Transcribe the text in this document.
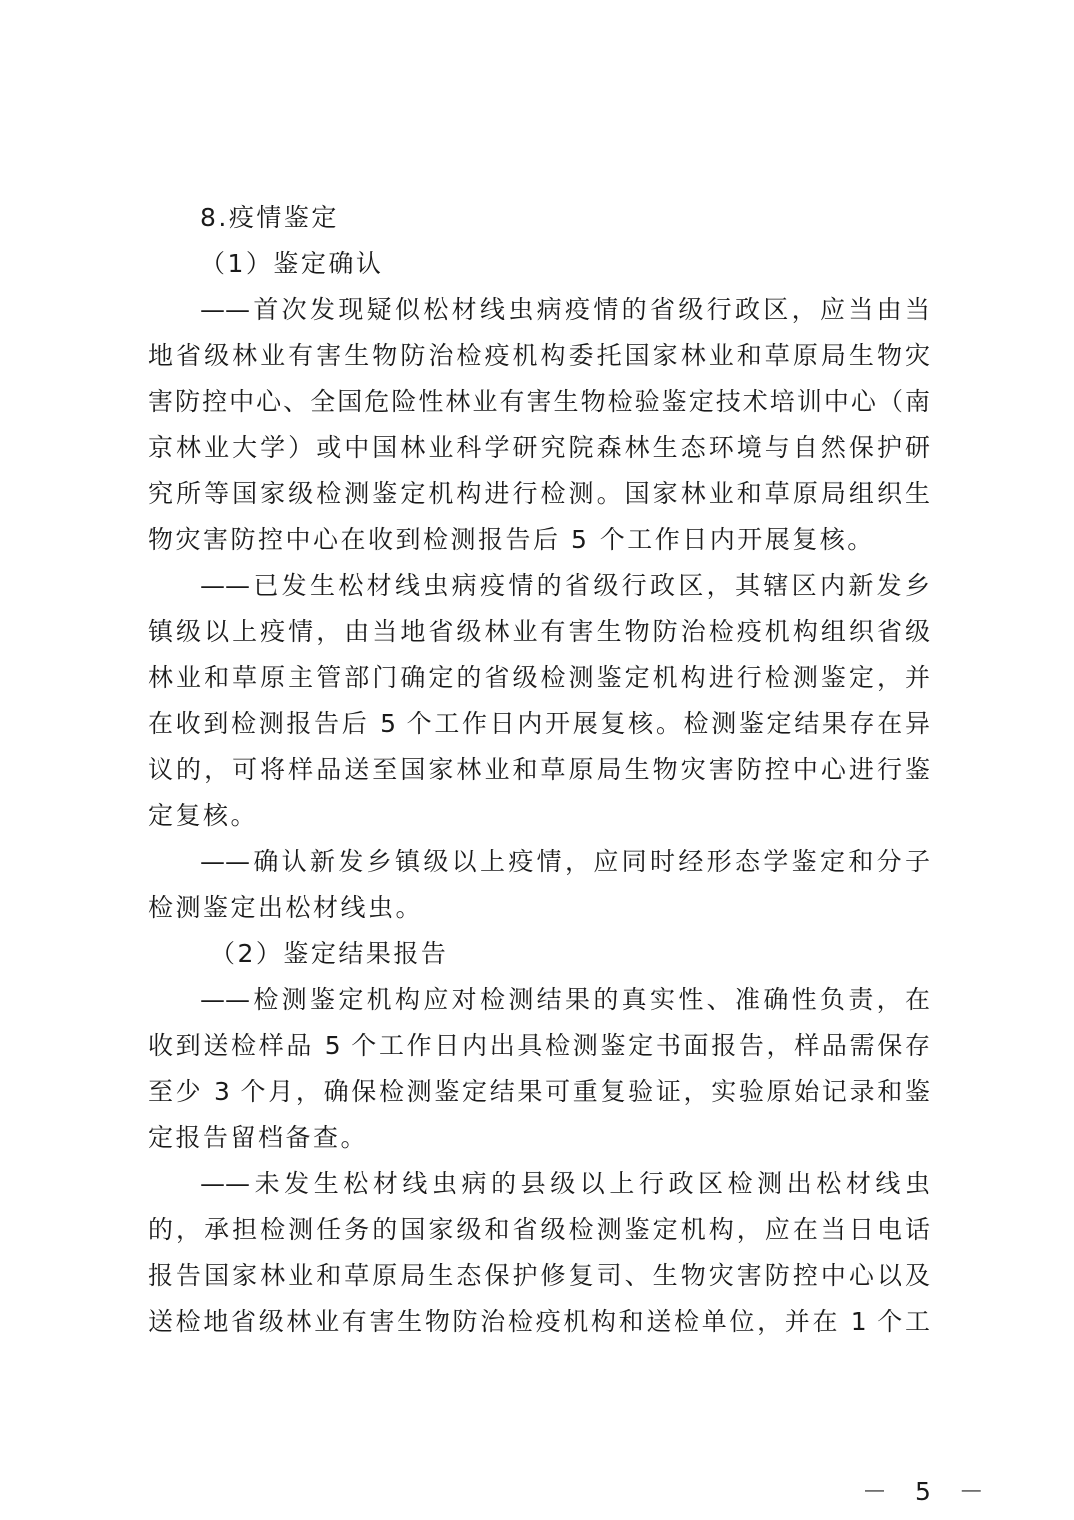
8.疫情鉴定
（1）鉴定确认
——首次发现疑似松材线虫病疫情的省级行政区，应当由当
地省级林业有害生物防治检疫机构委托国家林业和草原局生物灾
害防控中心、全国危险性林业有害生物检验鉴定技术培训中心（南
京林业大学）或中国林业科学研究院森林生态环境与自然保护研
究所等国家级检测鉴定机构进行检测。国家林业和草原局组织生
物灾害防控中心在收到检测报告后 5 个工作日内开展复核。
——已发生松材线虫病疫情的省级行政区，其辖区内新发乡
镇级以上疫情，由当地省级林业有害生物防治检疫机构组织省级
林业和草原主管部门确定的省级检测鉴定机构进行检测鉴定，并
在收到检测报告后 5 个工作日内开展复核。检测鉴定结果存在异
议的，可将样品送至国家林业和草原局生物灾害防控中心进行鉴
定复核。
——确认新发乡镇级以上疫情，应同时经形态学鉴定和分子
检测鉴定出松材线虫。
（2）鉴定结果报告
——检测鉴定机构应对检测结果的真实性、准确性负责，在
收到送检样品 5 个工作日内出具检测鉴定书面报告，样品需保存
至少 3 个月，确保检测鉴定结果可重复验证，实验原始记录和鉴
定报告留档备查。
——未发生松材线虫病的县级以上行政区检测出松材线虫
的，承担检测任务的国家级和省级检测鉴定机构，应在当日电话
报告国家林业和草原局生态保护修复司、生物灾害防控中心以及
送检地省级林业有害生物防治检疫机构和送检单位，并在 1 个工
－ 5 －
